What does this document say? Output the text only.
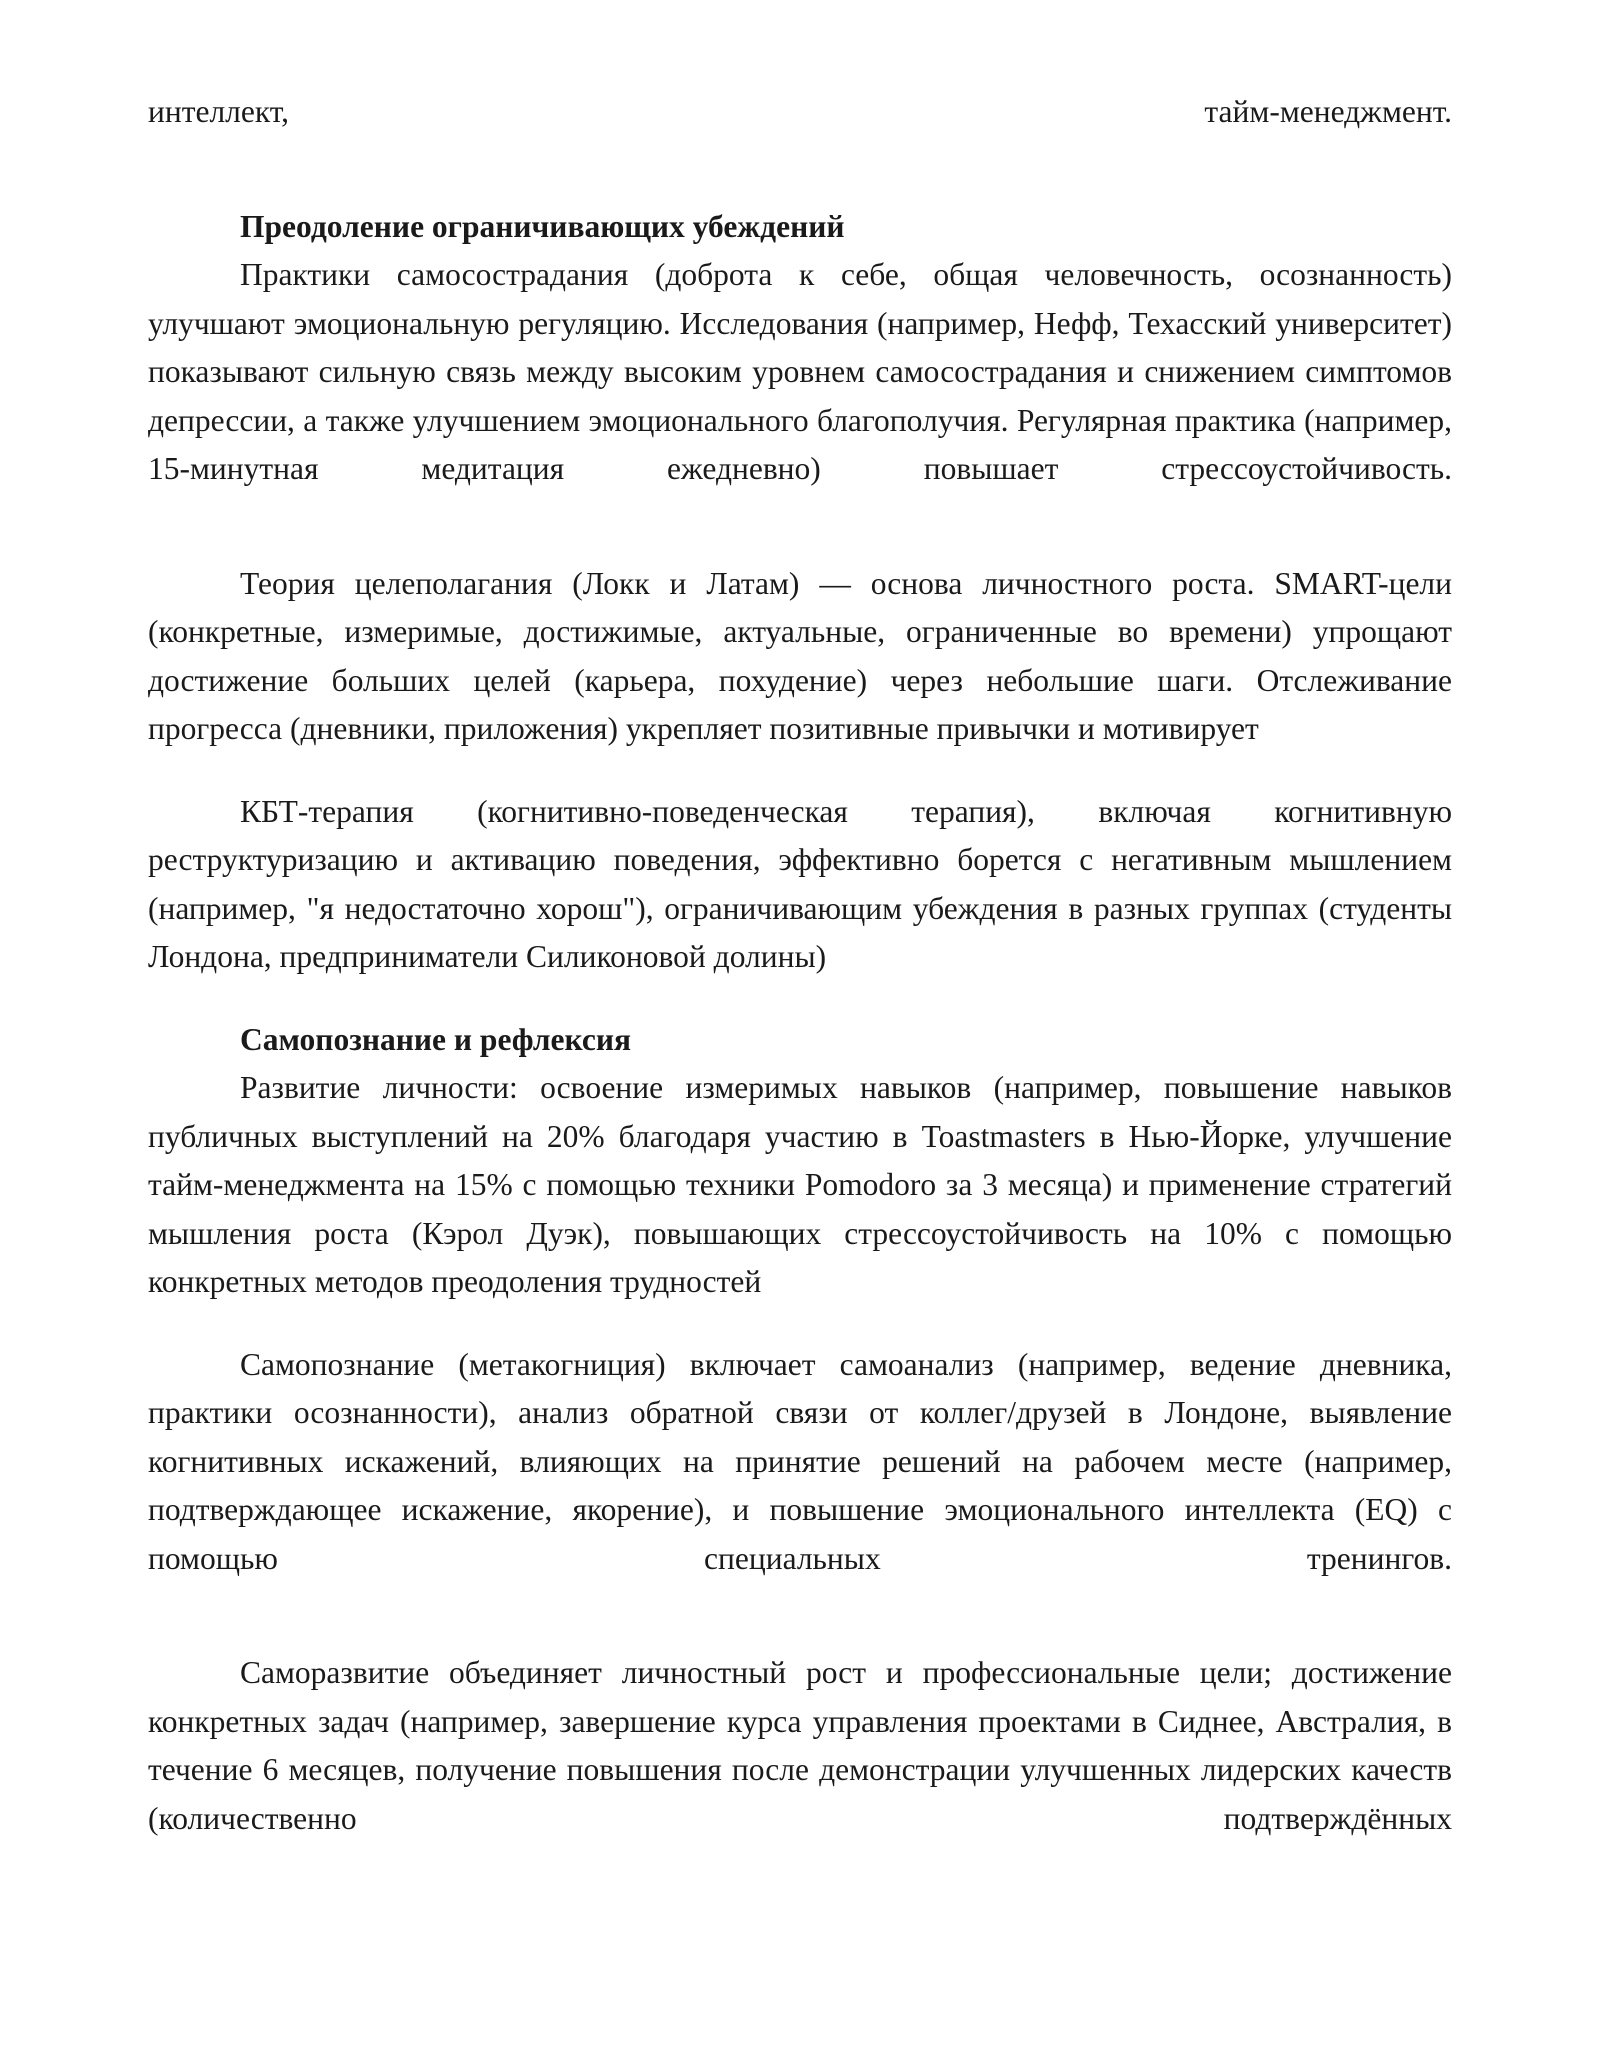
интеллект,	тайм-менеджмент.

Преодоление ограничивающих убеждений

Практики самосострадания (доброта к себе, общая человечность, осознанность) улучшают эмоциональную регуляцию. Исследования (например, Нефф, Техасский университет) показывают сильную связь между высоким уровнем самосострадания и снижением симптомов депрессии, а также улучшением эмоционального благополучия. Регулярная практика (например, 15-минутная медитация ежедневно) повышает стрессоустойчивость.

Теория целеполагания (Локк и Латам) — основа личностного роста. SMART-цели (конкретные, измеримые, достижимые, актуальные, ограниченные во времени) упрощают достижение больших целей (карьера, похудение) через небольшие шаги. Отслеживание прогресса (дневники, приложения) укрепляет позитивные привычки и мотивирует

КБТ-терапия (когнитивно-поведенческая терапия), включая когнитивную реструктуризацию и активацию поведения, эффективно борется с негативным мышлением (например, "я недостаточно хорош"), ограничивающим убеждения в разных группах (студенты Лондона, предприниматели Силиконовой долины)

Самопознание и рефлексия

Развитие личности: освоение измеримых навыков (например, повышение навыков публичных выступлений на 20% благодаря участию в Toastmasters в Нью-Йорке, улучшение тайм-менеджмента на 15% с помощью техники Pomodoro за 3 месяца) и применение стратегий мышления роста (Кэрол Дуэк), повышающих стрессоустойчивость на 10% с помощью конкретных методов преодоления трудностей

Самопознание (метакогниция) включает самоанализ (например, ведение дневника, практики осознанности), анализ обратной связи от коллег/друзей в Лондоне, выявление когнитивных искажений, влияющих на принятие решений на рабочем месте (например, подтверждающее искажение, якорение), и повышение эмоционального интеллекта (EQ) с помощью специальных тренингов.

Саморазвитие объединяет личностный рост и профессиональные цели; достижение конкретных задач (например, завершение курса управления проектами в Сиднее, Австралия, в течение 6 месяцев, получение повышения после демонстрации улучшенных лидерских качеств (количественно подтверждённых
